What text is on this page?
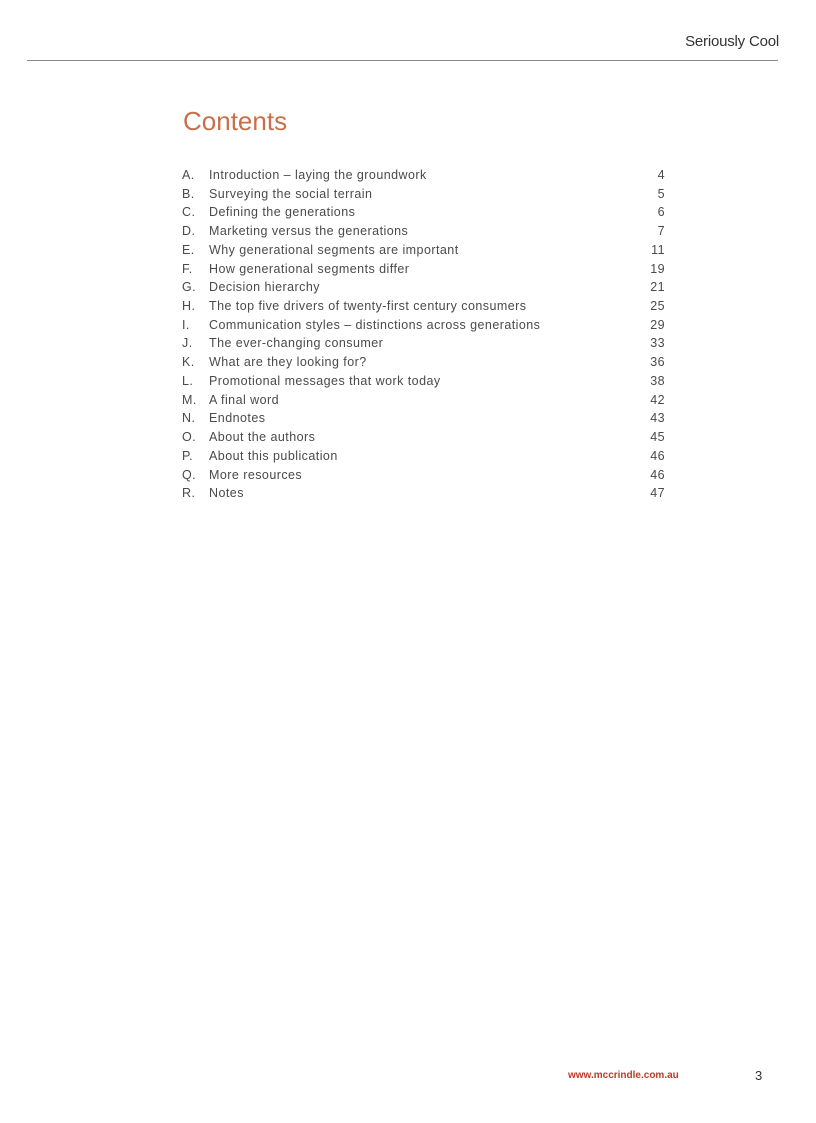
Seriously Cool
Contents
A.	Introduction – laying the groundwork	4
B.	Surveying the social terrain	5
C.	Defining the generations	6
D.	Marketing versus the generations	7
E.	Why generational segments are important	11
F.	How generational segments differ	19
G.	Decision hierarchy	21
H.	The top five drivers of twenty-first century consumers	25
I.	Communication styles – distinctions across generations	29
J.	The ever-changing consumer	33
K.	What are they looking for?	36
L.	Promotional messages that work today	38
M. A final word	42
N.	Endnotes	43
O.	About the authors	45
P.	About this publication	46
Q.	More resources	46
R.	Notes	47
www.mccrindle.com.au	3
